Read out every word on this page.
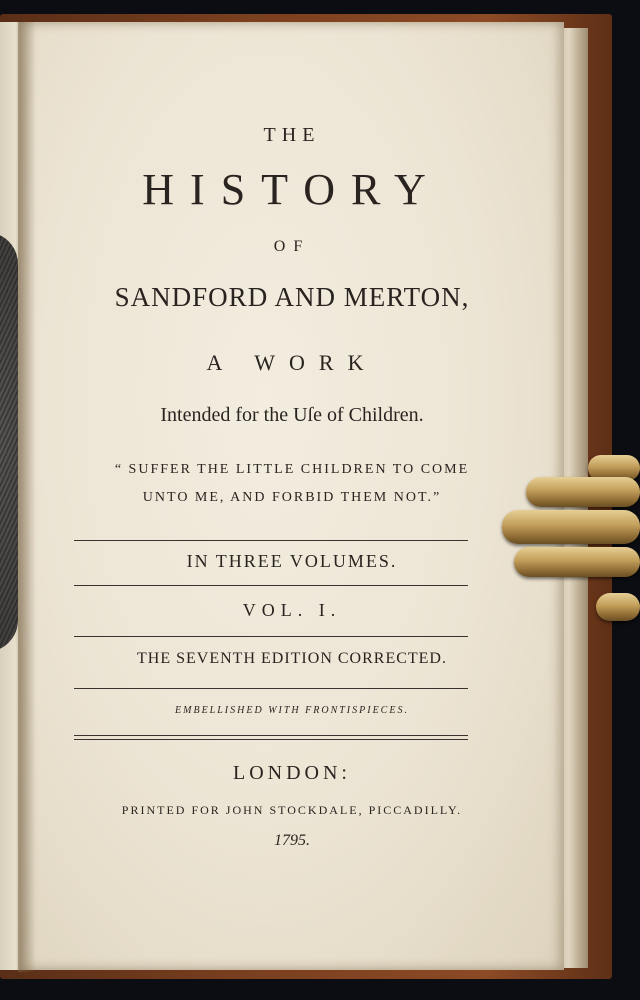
THE
HISTORY
OF
SANDFORD AND MERTON,
A WORK
Intended for the Uſe of Children.
“ SUFFER THE LITTLE CHILDREN TO COME
UNTO ME, AND FORBID THEM NOT.”
IN THREE VOLUMES.
VOL. I.
THE SEVENTH EDITION CORRECTED.
EMBELLISHED WITH FRONTISPIECES.
LONDON:
PRINTED FOR JOHN STOCKDALE, PICCADILLY.
1795.
